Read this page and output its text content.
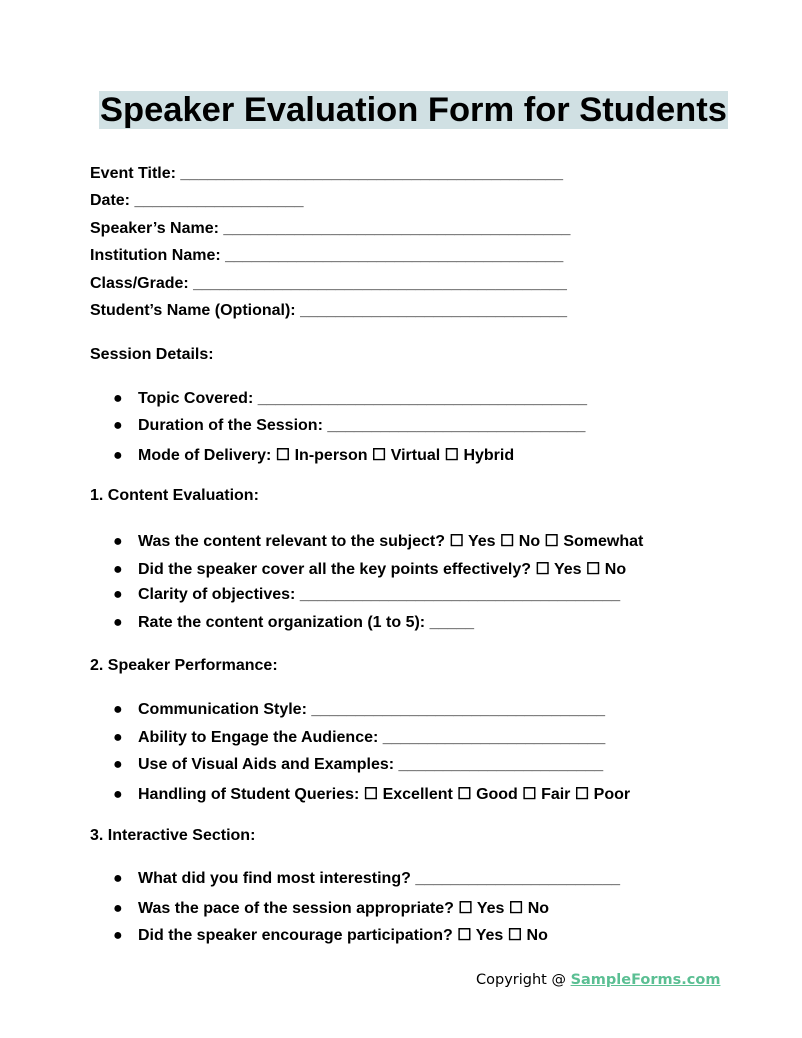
Speaker Evaluation Form for Students
Event Title: ___________________________________________
Date: ___________________
Speaker’s Name: _______________________________________
Institution Name: ______________________________________
Class/Grade: __________________________________________
Student’s Name (Optional): ______________________________
Session Details:
● Topic Covered: _____________________________________
● Duration of the Session: _____________________________
● Mode of Delivery: ☐ In-person ☐ Virtual ☐ Hybrid
1. Content Evaluation:
● Was the content relevant to the subject? ☐ Yes ☐ No ☐ Somewhat
● Did the speaker cover all the key points effectively? ☐ Yes ☐ No
● Clarity of objectives: ____________________________________
● Rate the content organization (1 to 5): _____
2. Speaker Performance:
● Communication Style: _________________________________
● Ability to Engage the Audience: _________________________
● Use of Visual Aids and Examples: _______________________
● Handling of Student Queries: ☐ Excellent ☐ Good ☐ Fair ☐ Poor
3. Interactive Section:
● What did you find most interesting? _______________________
● Was the pace of the session appropriate? ☐ Yes ☐ No
● Did the speaker encourage participation? ☐ Yes ☐ No
Copyright @ SampleForms.com
